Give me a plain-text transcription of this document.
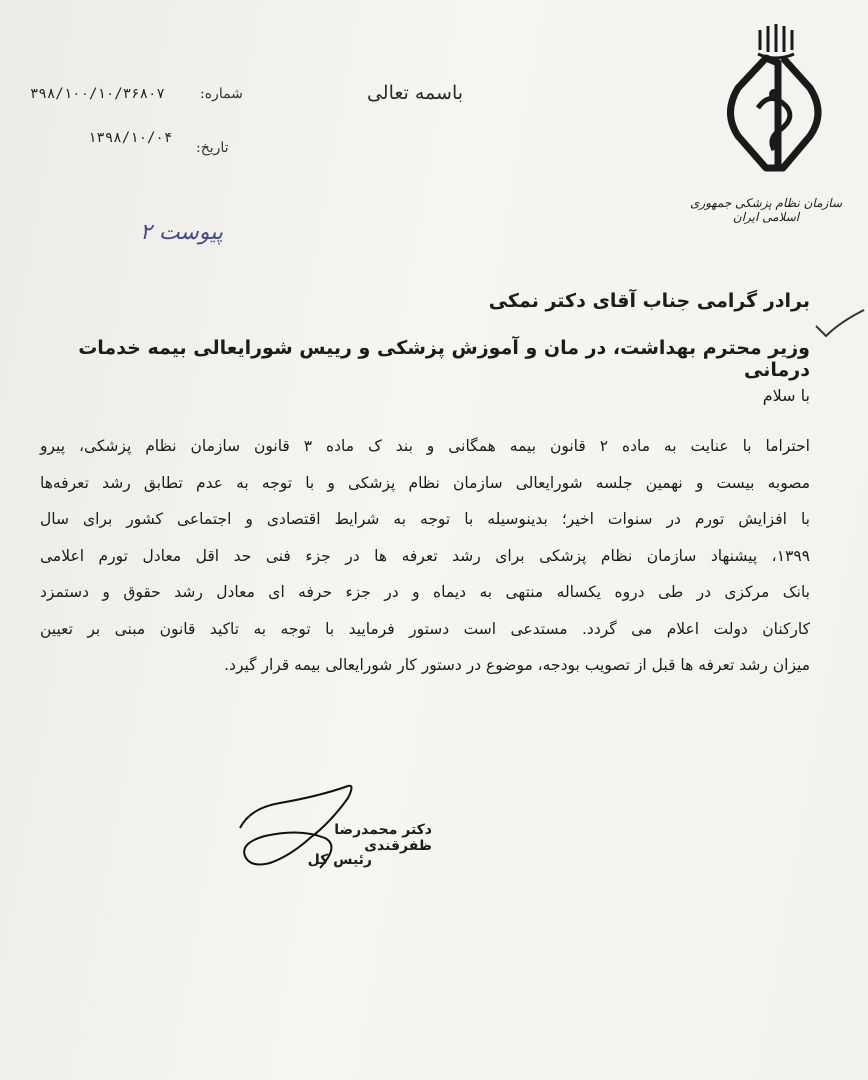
سازمان نظام پزشکی جمهوری اسلامی ایران
باسمه تعالی
شماره:
۳۹۸/۱۰۰/۱۰/۳۶۸۰۷
تاریخ:
۱۳۹۸/۱۰/۰۴
پیوست ۲
برادر گرامی جناب آقای دکتر نمکی
وزیر محترم بهداشت، در مان و آموزش پزشکی و رییس شورایعالی بیمه خدمات درمانی
با سلام
احتراما با عنایت به ماده ۲ قانون بیمه همگانی و بند ک ماده ۳ قانون سازمان نظام پزشکی، پیرو
مصوبه بیست و نهمین جلسه شورایعالی سازمان نظام پزشکی و با توجه به عدم تطابق رشد تعرفه‌ها
با افزایش تورم در سنوات اخیر؛ بدینوسیله با توجه به شرایط اقتصادی و اجتماعی کشور برای سال
۱۳۹۹، پیشنهاد سازمان نظام پزشکی برای رشد تعرفه ها در جزء فنی حد اقل معادل تورم اعلامی
بانک مرکزی در طی دروه یکساله منتهی به دیماه و در جزء حرفه ای معادل رشد حقوق و دستمزد
کارکنان دولت اعلام می گردد. مستدعی است دستور فرمایید با توجه به تاکید قانون مبنی بر تعیین
میزان رشد تعرفه ها قبل از تصویب بودجه، موضوع در دستور کار شورایعالی بیمه قرار گیرد.
دکتر محمدرضا ظفرقندی
رئیس کل
